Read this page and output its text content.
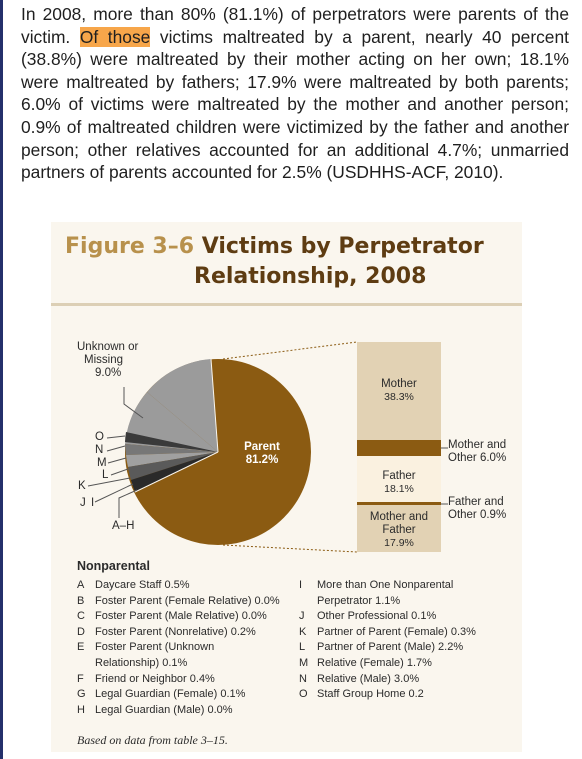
In 2008, more than 80% (81.1%) of perpetrators were parents of the victim. Of those victims maltreated by a parent, nearly 40 percent (38.8%) were maltreated by their mother acting on her own; 18.1% were maltreated by fathers; 17.9% were maltreated by both parents; 6.0% of victims were maltreated by the mother and another person; 0.9% of maltreated children were victimized by the father and another person; other relatives accounted for an additional 4.7%; unmarried partners of parents accounted for 2.5% (USDHHS-ACF, 2010).
Figure 3–6 Victims by Perpetrator
Relationship, 2008
Unknown or
Missing
9.0%
Parent
81.2%
O
N
M
L
K
J I
A–H
Mother
38.3%
Father
18.1%
Mother and
Father
17.9%
Mother and
Other 6.0%
Father and
Other 0.9%
Nonparental
A Daycare Staff 0.5%
B Foster Parent (Female Relative) 0.0%
C Foster Parent (Male Relative) 0.0%
D Foster Parent (Nonrelative) 0.2%
E Foster Parent (Unknown
Relationship) 0.1%
F	Friend or Neighbor 0.4%
G Legal Guardian (Female) 0.1%
H Legal Guardian (Male) 0.0%
I	More than One Nonparental
Perpetrator 1.1%
J	Other Professional 0.1%
K Partner of Parent (Female) 0.3%
L	Partner of Parent (Male) 2.2%
M Relative (Female) 1.7%
N Relative (Male) 3.0%
O Staff Group Home 0.2
Based on data from table 3–15.
